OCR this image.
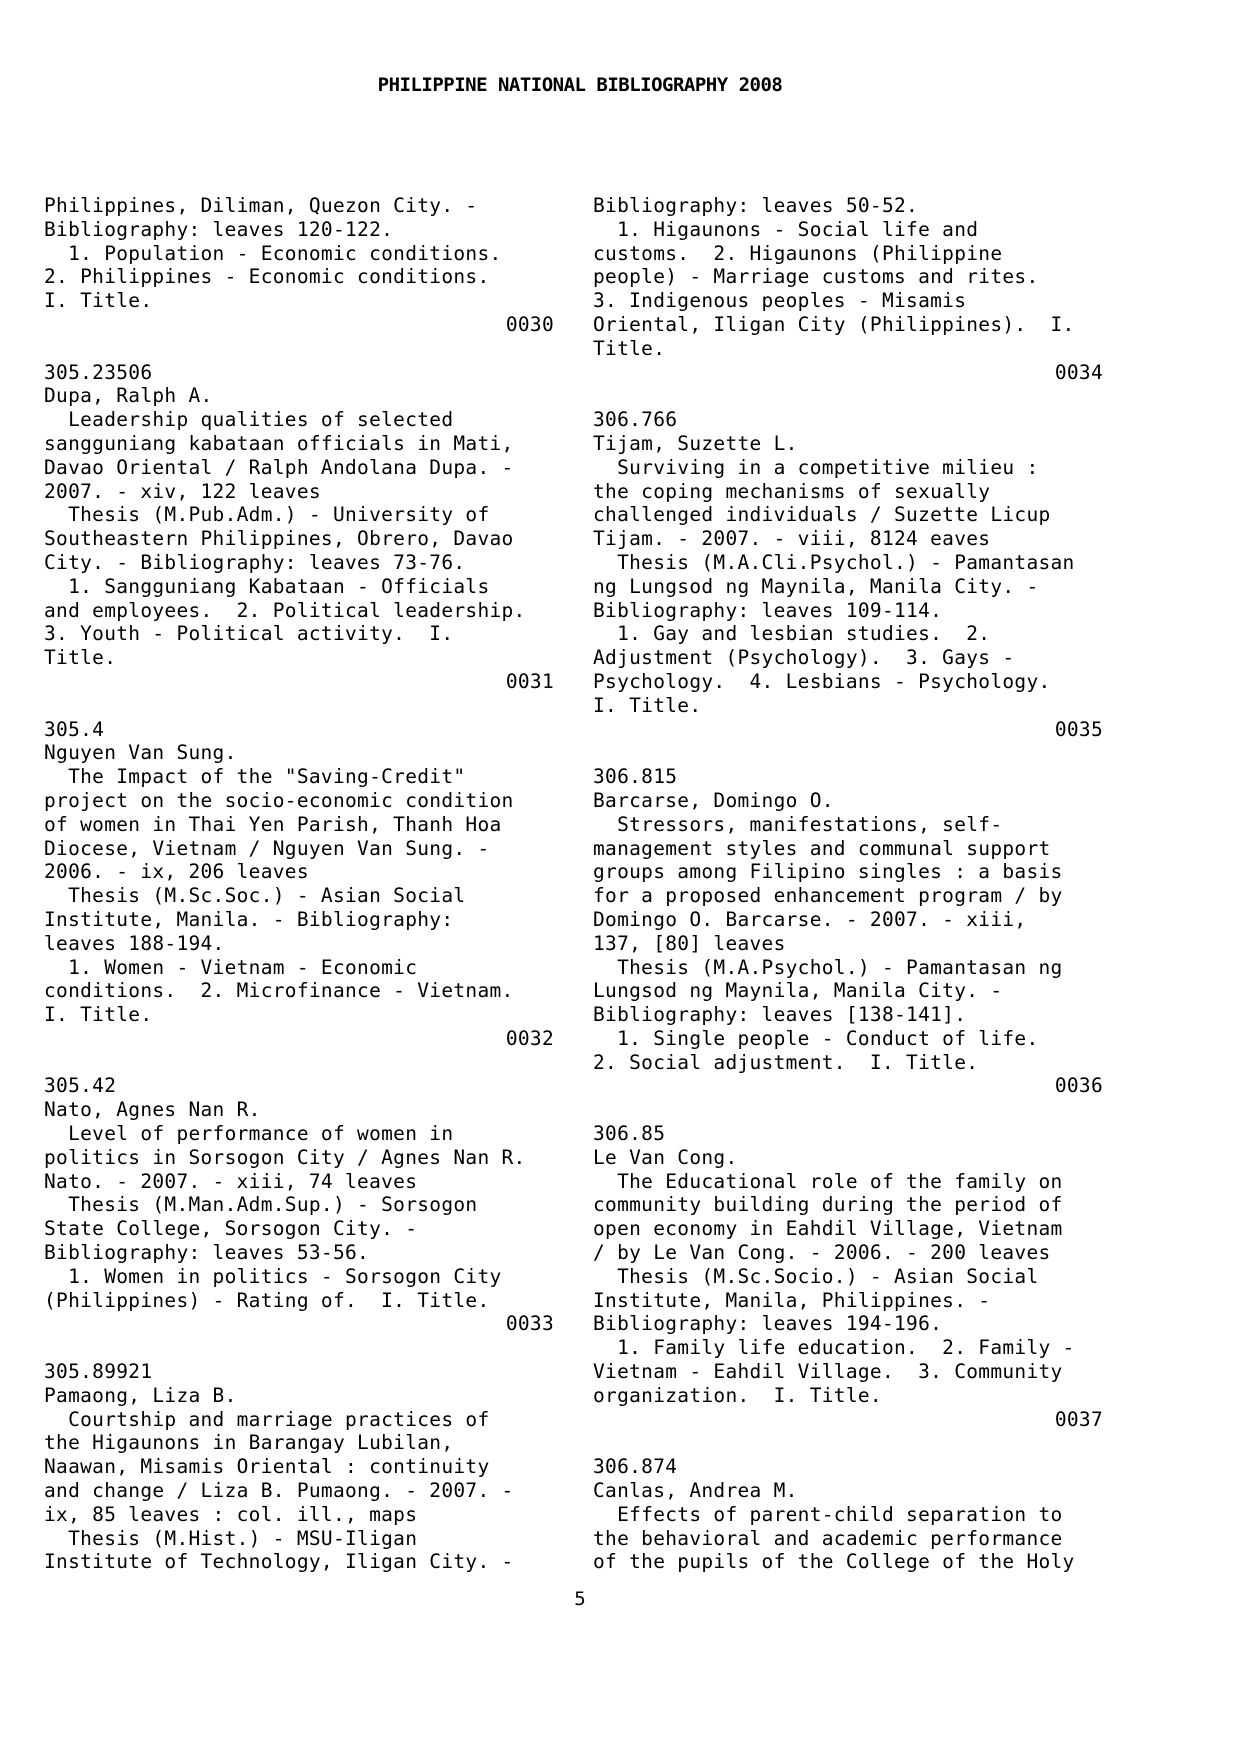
PHILIPPINE NATIONAL BIBLIOGRAPHY 2008
Philippines, Diliman, Quezon City. -
Bibliography: leaves 120-122.
1. Population - Economic conditions.
2. Philippines - Economic conditions.
I. Title.
0030
305.23506
Dupa, Ralph A.
Leadership qualities of selected
sangguniang kabataan officials in Mati,
Davao Oriental / Ralph Andolana Dupa. -
2007. - xiv, 122 leaves
Thesis (M.Pub.Adm.) - University of
Southeastern Philippines, Obrero, Davao
City. - Bibliography: leaves 73-76.
1. Sangguniang Kabataan - Officials
and employees.  2. Political leadership.
3. Youth - Political activity.  I.
Title.
0031
305.4
Nguyen Van Sung.
The Impact of the "Saving-Credit"
project on the socio-economic condition
of women in Thai Yen Parish, Thanh Hoa
Diocese, Vietnam / Nguyen Van Sung. -
2006. - ix, 206 leaves
Thesis (M.Sc.Soc.) - Asian Social
Institute, Manila. - Bibliography:
leaves 188-194.
1. Women - Vietnam - Economic
conditions.  2. Microfinance - Vietnam.
I. Title.
0032
305.42
Nato, Agnes Nan R.
Level of performance of women in
politics in Sorsogon City / Agnes Nan R.
Nato. - 2007. - xiii, 74 leaves
Thesis (M.Man.Adm.Sup.) - Sorsogon
State College, Sorsogon City. -
Bibliography: leaves 53-56.
1. Women in politics - Sorsogon City
(Philippines) - Rating of.  I. Title.
0033
305.89921
Pamaong, Liza B.
Courtship and marriage practices of
the Higaunons in Barangay Lubilan,
Naawan, Misamis Oriental : continuity
and change / Liza B. Pumaong. - 2007. -
ix, 85 leaves : col. ill., maps
Thesis (M.Hist.) - MSU-Iligan
Institute of Technology, Iligan City. -
Bibliography: leaves 50-52.
1. Higaunons - Social life and
customs.  2. Higaunons (Philippine
people) - Marriage customs and rites.
3. Indigenous peoples - Misamis
Oriental, Iligan City (Philippines).  I.
Title.
0034
306.766
Tijam, Suzette L.
Surviving in a competitive milieu :
the coping mechanisms of sexually
challenged individuals / Suzette Licup
Tijam. - 2007. - viii, 8124 eaves
Thesis (M.A.Cli.Psychol.) - Pamantasan
ng Lungsod ng Maynila, Manila City. -
Bibliography: leaves 109-114.
1. Gay and lesbian studies.  2.
Adjustment (Psychology).  3. Gays -
Psychology.  4. Lesbians - Psychology.
I. Title.
0035
306.815
Barcarse, Domingo O.
Stressors, manifestations, self-
management styles and communal support
groups among Filipino singles : a basis
for a proposed enhancement program / by
Domingo O. Barcarse. - 2007. - xiii,
137, [80] leaves
Thesis (M.A.Psychol.) - Pamantasan ng
Lungsod ng Maynila, Manila City. -
Bibliography: leaves [138-141].
1. Single people - Conduct of life.
2. Social adjustment.  I. Title.
0036
306.85
Le Van Cong.
The Educational role of the family on
community building during the period of
open economy in Eahdil Village, Vietnam
/ by Le Van Cong. - 2006. - 200 leaves
Thesis (M.Sc.Socio.) - Asian Social
Institute, Manila, Philippines. -
Bibliography: leaves 194-196.
1. Family life education.  2. Family -
Vietnam - Eahdil Village.  3. Community
organization.  I. Title.
0037
306.874
Canlas, Andrea M.
Effects of parent-child separation to
the behavioral and academic performance
of the pupils of the College of the Holy
5
